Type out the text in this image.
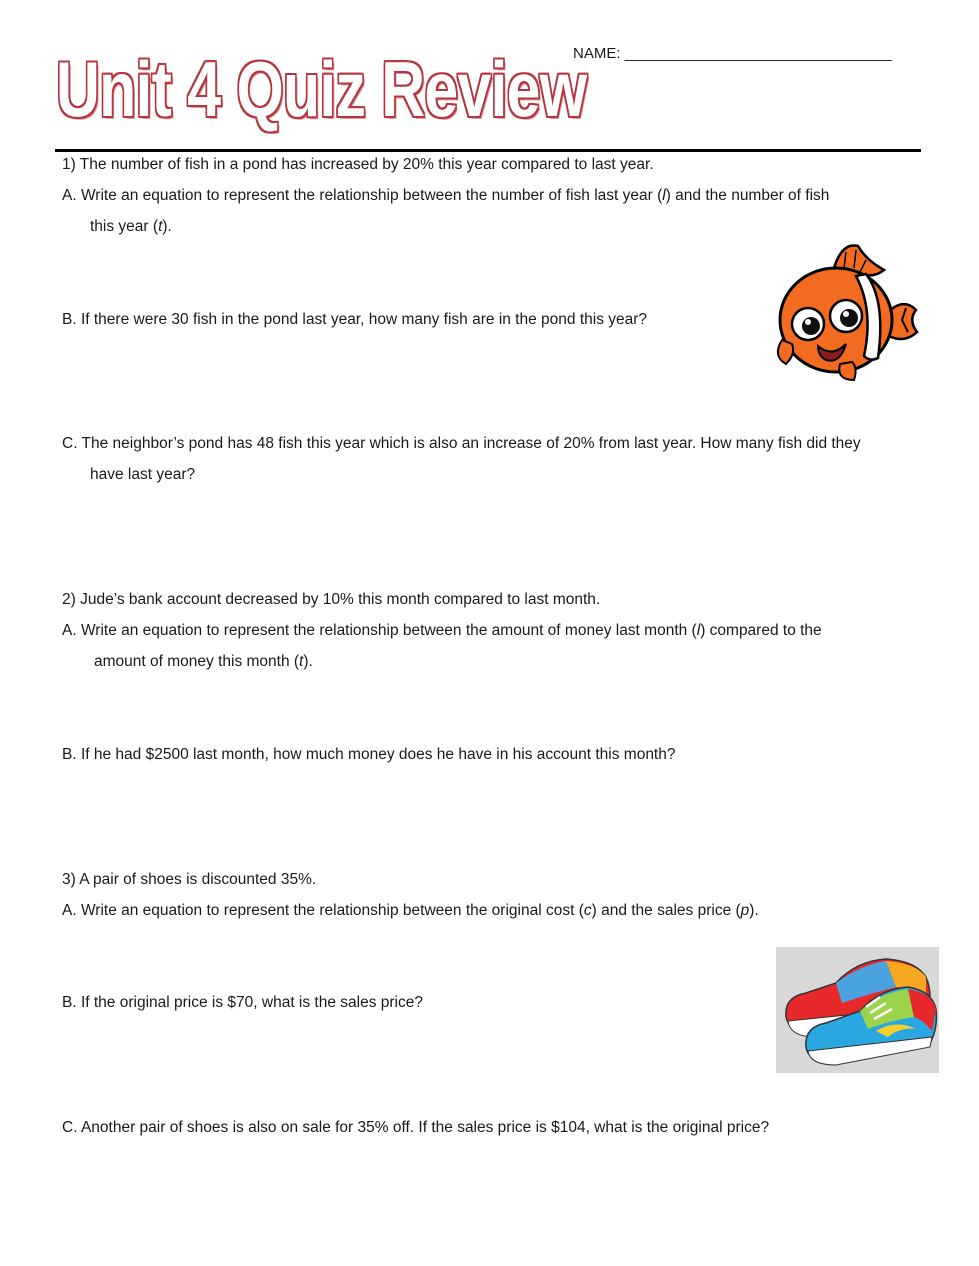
Unit 4 Quiz Review
NAME: ________________________________
1) The number of fish in a pond has increased by 20% this year compared to last year.
A. Write an equation to represent the relationship between the number of fish last year (l) and the number of fish
this year (t).
B. If there were 30 fish in the pond last year, how many fish are in the pond this year?
C. The neighbor’s pond has 48 fish this year which is also an increase of 20% from last year. How many fish did they
have last year?
2) Jude’s bank account decreased by 10% this month compared to last month.
A. Write an equation to represent the relationship between the amount of money last month (l) compared to the
amount of money this month (t).
B. If he had $2500 last month, how much money does he have in his account this month?
3) A pair of shoes is discounted 35%.
A. Write an equation to represent the relationship between the original cost (c) and the sales price (p).
B. If the original price is $70, what is the sales price?
C. Another pair of shoes is also on sale for 35% off. If the sales price is $104, what is the original price?
